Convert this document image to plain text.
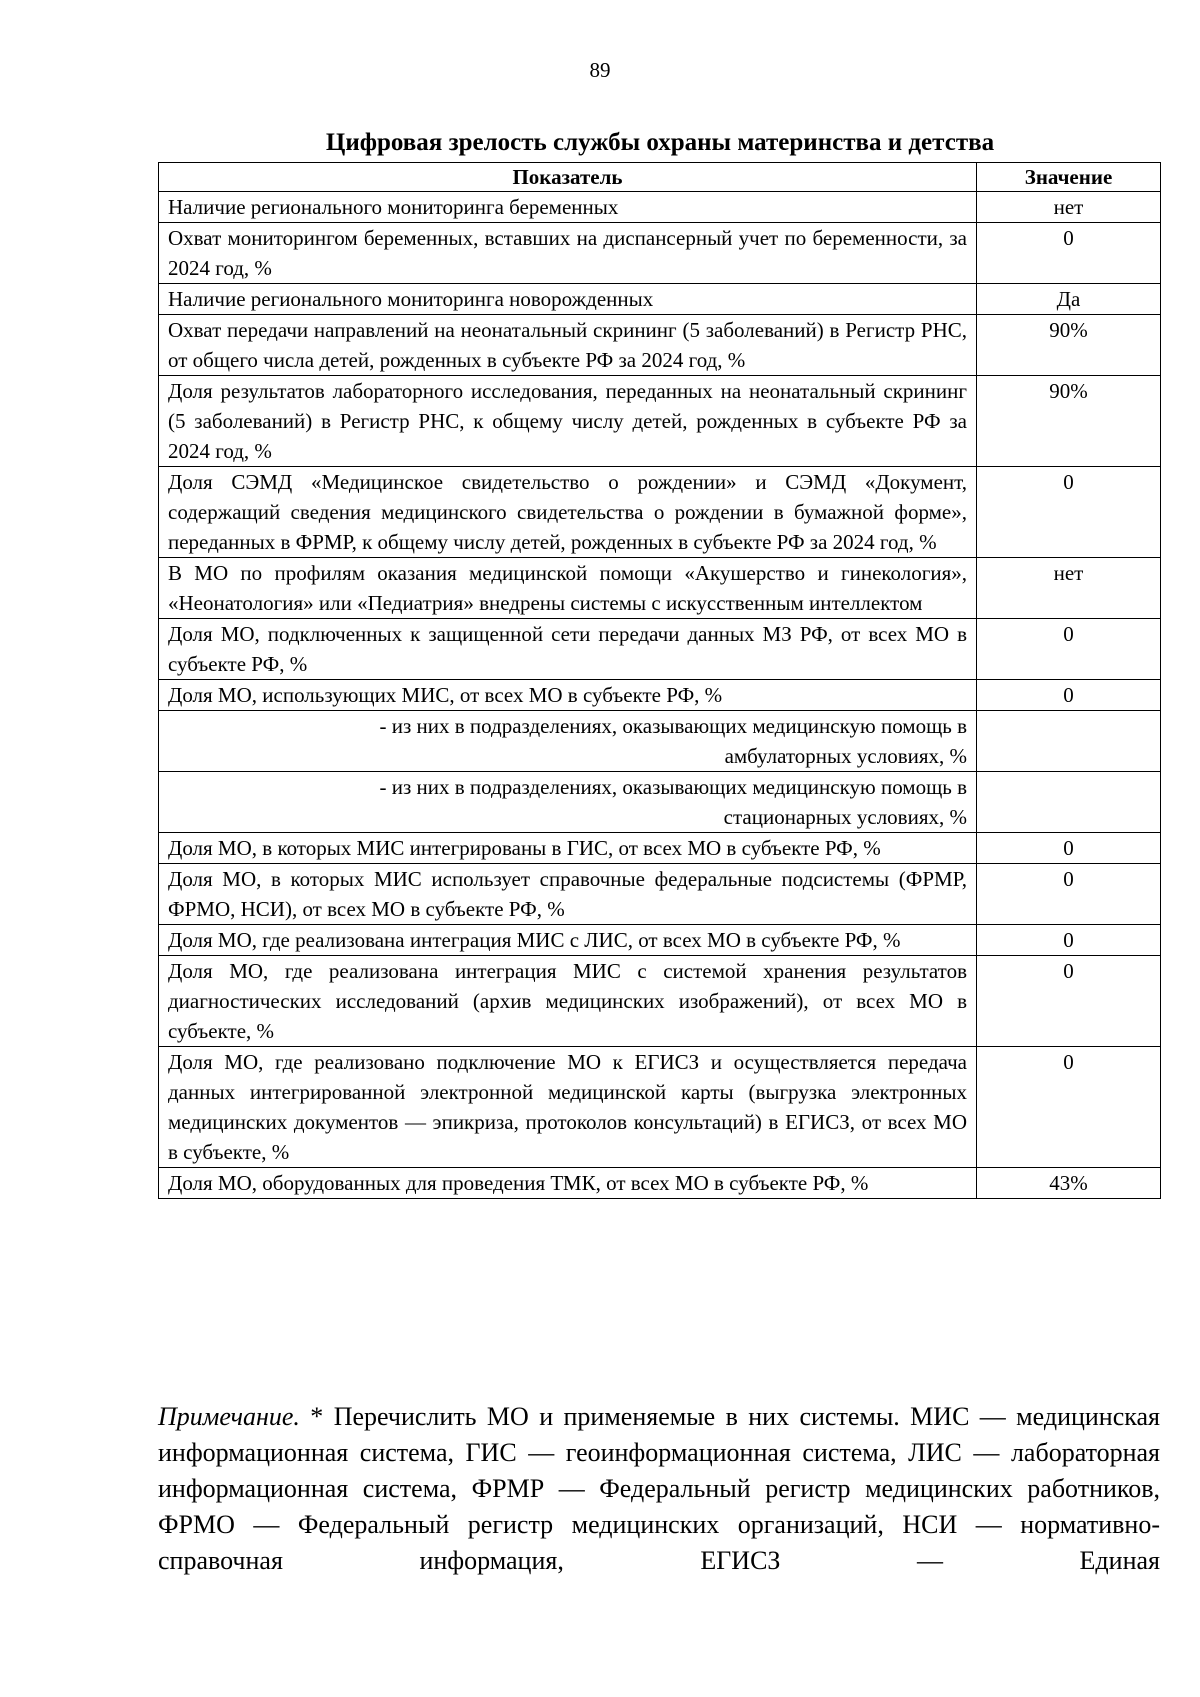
89
Цифровая зрелость службы охраны материнства и детства
Показатель	Значение
Наличие регионального мониторинга беременных	нет
Охват мониторингом беременных, вставших на диспансерный учет по беременности, за 2024 год, %	0
Наличие регионального мониторинга новорожденных	Да
Охват передачи направлений на неонатальный скрининг (5 заболеваний) в Регистр РНС, от общего числа детей, рожденных в субъекте РФ за 2024 год, %	90%
Доля результатов лабораторного исследования, переданных на неонатальный скрининг (5 заболеваний) в Регистр РНС, к общему числу детей, рожденных в субъекте РФ за 2024 год, %	90%
Доля СЭМД «Медицинское свидетельство о рождении» и СЭМД «Документ, содержащий сведения медицинского свидетельства о рождении в бумажной форме», переданных в ФРМР, к общему числу детей, рожденных в субъекте РФ за 2024 год, %	0
В МО по профилям оказания медицинской помощи «Акушерство и гинекология», «Неонатология» или «Педиатрия» внедрены системы с искусственным интеллектом	нет
Доля МО, подключенных к защищенной сети передачи данных МЗ РФ, от всех МО в субъекте РФ, %	0
Доля МО, использующих МИС, от всех МО в субъекте РФ, %	0
- из них в подразделениях, оказывающих медицинскую помощь в амбулаторных условиях, %	
- из них в подразделениях, оказывающих медицинскую помощь в стационарных условиях, %	
Доля МО, в которых МИС интегрированы в ГИС, от всех МО в субъекте РФ, %	0
Доля МО, в которых МИС использует справочные федеральные подсистемы (ФРМР, ФРМО, НСИ), от всех МО в субъекте РФ, %	0
Доля МО, где реализована интеграция МИС с ЛИС, от всех МО в субъекте РФ, %	0
Доля МО, где реализована интеграция МИС с системой хранения результатов диагностических исследований (архив медицинских изображений), от всех МО в субъекте, %	0
Доля МО, где реализовано подключение МО к ЕГИСЗ и осуществляется передача данных интегрированной электронной медицинской карты (выгрузка электронных медицинских документов — эпикриза, протоколов консультаций) в ЕГИСЗ, от всех МО в субъекте, %	0
Доля МО, оборудованных для проведения ТМК, от всех МО в субъекте РФ, %	43%
Примечание. * Перечислить МО и применяемые в них системы. МИС — медицинская информационная система, ГИС — геоинформационная система, ЛИС — лабораторная информационная система, ФРМР — Федеральный регистр медицинских работников, ФРМО — Федеральный регистр медицинских организаций, НСИ — нормативно-справочная информация, ЕГИСЗ — Единая
